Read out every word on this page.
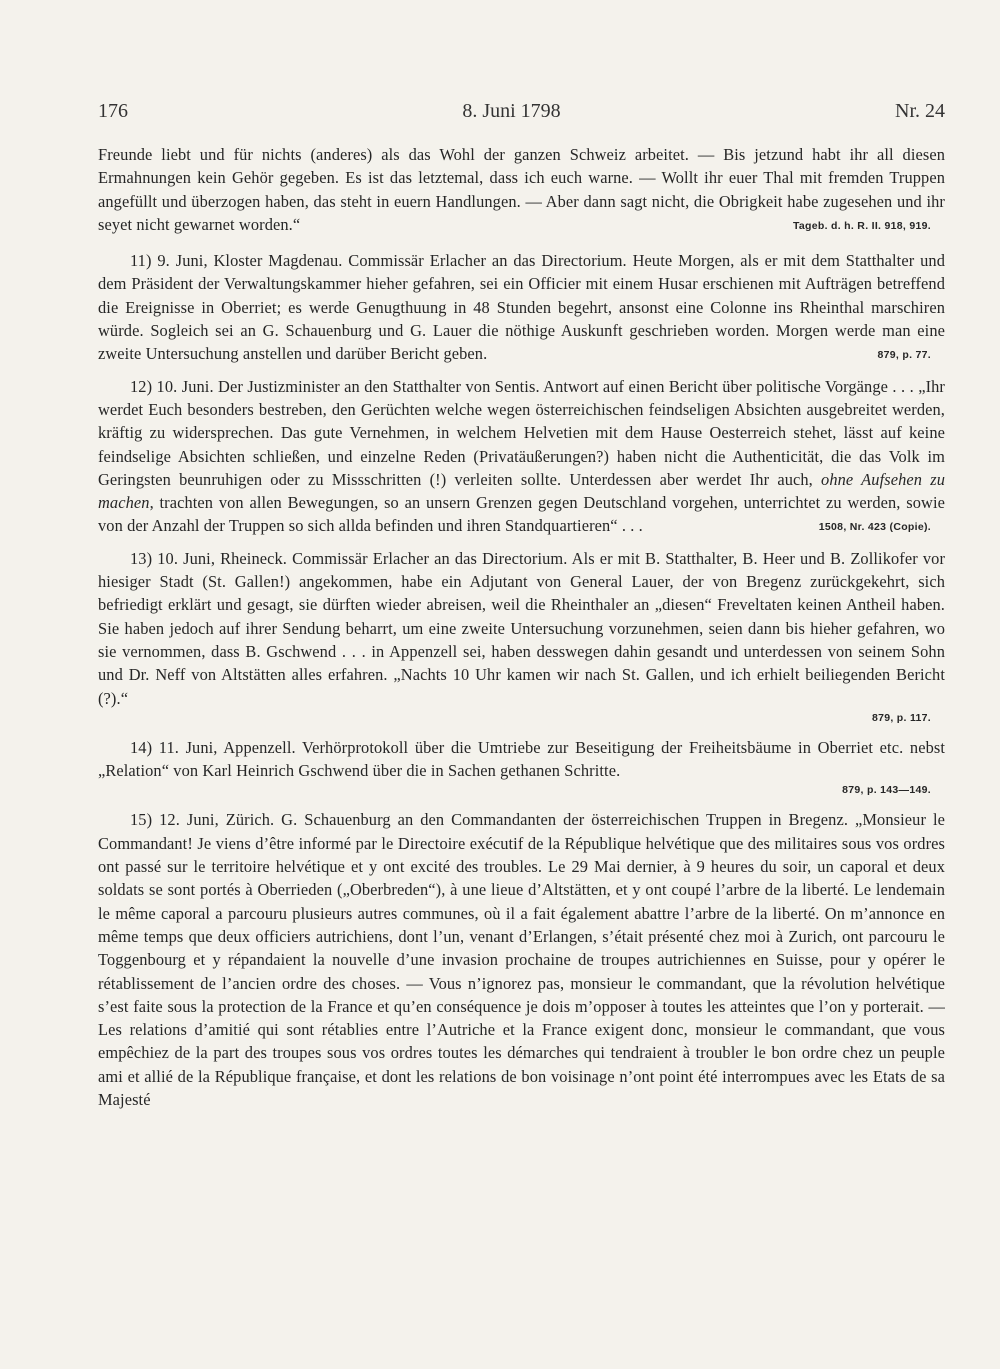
176	8. Juni 1798	Nr. 24

Freunde liebt und für nichts (anderes) als das Wohl der ganzen Schweiz arbeitet. — Bis jetzund habt ihr all diesen Ermahnungen kein Gehör gegeben. Es ist das letztemal, dass ich euch warne. — Wollt ihr euer Thal mit fremden Truppen angefüllt und überzogen haben, das steht in euern Handlungen. — Aber dann sagt nicht, die Obrigkeit habe zugesehen und ihr seyet nicht gewarnet worden.“	Tageb. d. h. R. II. 918, 919.

11) 9. Juni, Kloster Magdenau. Commissär Erlacher an das Directorium. Heute Morgen, als er mit dem Statthalter und dem Präsident der Verwaltungskammer hieher gefahren, sei ein Officier mit einem Husar erschienen mit Aufträgen betreffend die Ereignisse in Oberriet; es werde Genugthuung in 48 Stunden begehrt, ansonst eine Colonne ins Rheinthal marschiren würde. Sogleich sei an G. Schauenburg und G. Lauer die nöthige Auskunft geschrieben worden. Morgen werde man eine zweite Untersuchung anstellen und darüber Bericht geben.	879, p. 77.

12) 10. Juni. Der Justizminister an den Statthalter von Sentis. Antwort auf einen Bericht über politische Vorgänge . . . „Ihr werdet Euch besonders bestreben, den Gerüchten welche wegen österreichischen feindseligen Absichten ausgebreitet werden, kräftig zu widersprechen. Das gute Vernehmen, in welchem Helvetien mit dem Hause Oesterreich stehet, lässt auf keine feindselige Absichten schließen, und einzelne Reden (Privatäußerungen?) haben nicht die Authenticität, die das Volk im Geringsten beunruhigen oder zu Missschritten (!) verleiten sollte. Unterdessen aber werdet Ihr auch, ohne Aufsehen zu machen, trachten von allen Bewegungen, so an unsern Grenzen gegen Deutschland vorgehen, unterrichtet zu werden, sowie von der Anzahl der Truppen so sich allda befinden und ihren Standquartieren“ . . .	1508, Nr. 423 (Copie).

13) 10. Juni, Rheineck. Commissär Erlacher an das Directorium. Als er mit B. Statthalter, B. Heer und B. Zollikofer vor hiesiger Stadt (St. Gallen!) angekommen, habe ein Adjutant von General Lauer, der von Bregenz zurückgekehrt, sich befriedigt erklärt und gesagt, sie dürften wieder abreisen, weil die Rheinthaler an „diesen“ Freveltaten keinen Antheil haben. Sie haben jedoch auf ihrer Sendung beharrt, um eine zweite Untersuchung vorzunehmen, seien dann bis hieher gefahren, wo sie vernommen, dass B. Gschwend . . . in Appenzell sei, haben desswegen dahin gesandt und unterdessen von seinem Sohn und Dr. Neff von Altstätten alles erfahren. „Nachts 10 Uhr kamen wir nach St. Gallen, und ich erhielt beiliegenden Bericht (?).“
879, p. 117.

14) 11. Juni, Appenzell. Verhörprotokoll über die Umtriebe zur Beseitigung der Freiheitsbäume in Oberriet etc. nebst „Relation“ von Karl Heinrich Gschwend über die in Sachen gethanen Schritte.
879, p. 143—149.

15) 12. Juni, Zürich. G. Schauenburg an den Commandanten der österreichischen Truppen in Bregenz. „Monsieur le Commandant! Je viens d’être informé par le Directoire exécutif de la République helvétique que des militaires sous vos ordres ont passé sur le territoire helvétique et y ont excité des troubles. Le 29 Mai dernier, à 9 heures du soir, un caporal et deux soldats se sont portés à Oberrieden („Oberbreden“), à une lieue d’Altstätten, et y ont coupé l’arbre de la liberté. Le lendemain le même caporal a parcouru plusieurs autres communes, où il a fait également abattre l’arbre de la liberté. On m’annonce en même temps que deux officiers autrichiens, dont l’un, venant d’Erlangen, s’était présenté chez moi à Zurich, ont parcouru le Toggenbourg et y répandaient la nouvelle d’une invasion prochaine de troupes autrichiennes en Suisse, pour y opérer le rétablissement de l’ancien ordre des choses. — Vous n’ignorez pas, monsieur le commandant, que la révolution helvétique s’est faite sous la protection de la France et qu’en conséquence je dois m’opposer à toutes les atteintes que l’on y porterait. — Les relations d’amitié qui sont rétablies entre l’Autriche et la France exigent donc, monsieur le commandant, que vous empêchiez de la part des troupes sous vos ordres toutes les démarches qui tendraient à troubler le bon ordre chez un peuple ami et allié de la République française, et dont les relations de bon voisinage n’ont point été interrompues avec les Etats de sa Majesté
